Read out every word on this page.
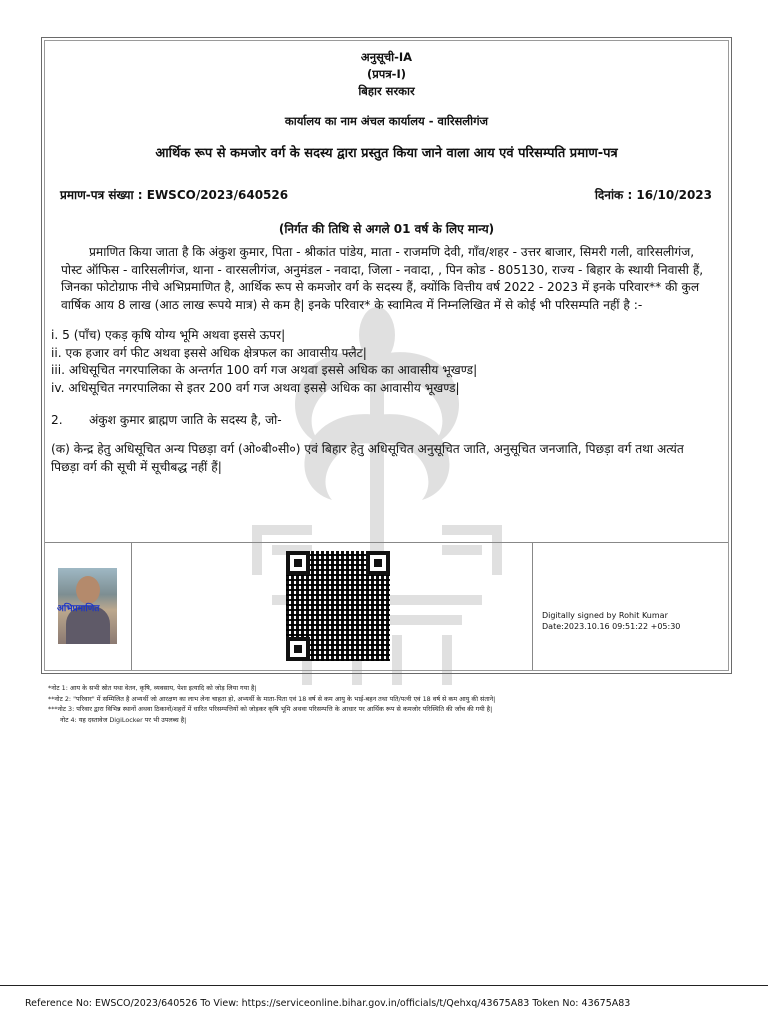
अनुसूची-IA
(प्रपत्र-I)
बिहार सरकार
कार्यालय का नाम अंचल कार्यालय - वारिसलीगंज
आर्थिक रूप से कमजोर वर्ग के सदस्य द्वारा प्रस्तुत किया जाने वाला आय एवं परिसम्पति प्रमाण-पत्र
प्रमाण-पत्र संख्या : EWSCO/2023/640526	दिनांक : 16/10/2023
(निर्गत की तिथि से अगले 01 वर्ष के लिए मान्य)
प्रमाणित किया जाता है कि अंकुश कुमार, पिता - श्रीकांत पांडेय, माता - राजमणि देवी, गाँव/शहर - उत्तर बाजार, सिमरी गली, वारिसलीगंज,
पोस्ट ऑफिस - वारिसलीगंज, थाना - वारसलीगंज, अनुमंडल - नवादा, जिला - नवादा, , पिन कोड - 805130, राज्य - बिहार के स्थायी निवासी हैं,
जिनका फोटोग्राफ नीचे अभिप्रमाणित है, आर्थिक रूप से कमजोर वर्ग के सदस्य हैं, क्योंकि वित्तीय वर्ष 2022 - 2023 में इनके परिवार** की कुल
वार्षिक आय 8 लाख (आठ लाख रूपये मात्र) से कम है| इनके परिवार* के स्वामित्व में निम्नलिखित में से कोई भी परिसम्पति नहीं है :-
i. 5 (पाँच) एकड़ कृषि योग्य भूमि अथवा इससे ऊपर|
ii. एक हजार वर्ग फीट अथवा इससे अधिक क्षेत्रफल का आवासीय फ्लैट|
iii. अधिसूचित नगरपालिका के अन्तर्गत 100 वर्ग गज अथवा इससे अधिक का आवासीय भूखण्ड|
iv. अधिसूचित नगरपालिका से इतर 200 वर्ग गज अथवा इससे अधिक का आवासीय भूखण्ड|
2. अंकुश कुमार ब्राह्मण जाति के सदस्य है, जो-
(क) केन्द्र हेतु अधिसूचित अन्य पिछड़ा वर्ग (ओ०बी०सी०) एवं बिहार हेतु अधिसूचित अनुसूचित जाति, अनुसूचित जनजाति, पिछड़ा वर्ग तथा अत्यंत
पिछड़ा वर्ग की सूची में सूचीबद्ध नहीं हैं|
अभिप्रमाणित
Digitally signed by Rohit Kumar
Date:2023.10.16 09:51:22 +05:30
*नोट 1: आय के सभी स्रोत यथा वेतन, कृषि, व्यवसाय, पेशा इत्यादि को जोड़ लिया गया है|
**नोट 2: "परिवार" में सम्मिलित है अभ्यर्थी जो आरक्षण का लाभ लेना चाहता हो, अभ्यर्थी के माता-पिता एवं 18 वर्ष से कम आयु के भाई-बहन तथा पति/पत्नी एवं 18 वर्ष से कम आयु की संताने|
***नोट 3: परिवार द्वारा विभिन्न स्थानों अथवा ठिकानों/शहरों में धारित परिसम्पत्तियों को जोड़कर कृषि भूमि अथवा परिसम्पत्ति के आधार पर आर्थिक रूप से कमजोर परिस्थिति की जाँच की गयी है|
नोट 4: यह दस्तावेज DigiLocker पर भी उपलब्ध है|
Reference No: EWSCO/2023/640526 To View: https://serviceonline.bihar.gov.in/officials/t/Qehxq/43675A83 Token No: 43675A83
